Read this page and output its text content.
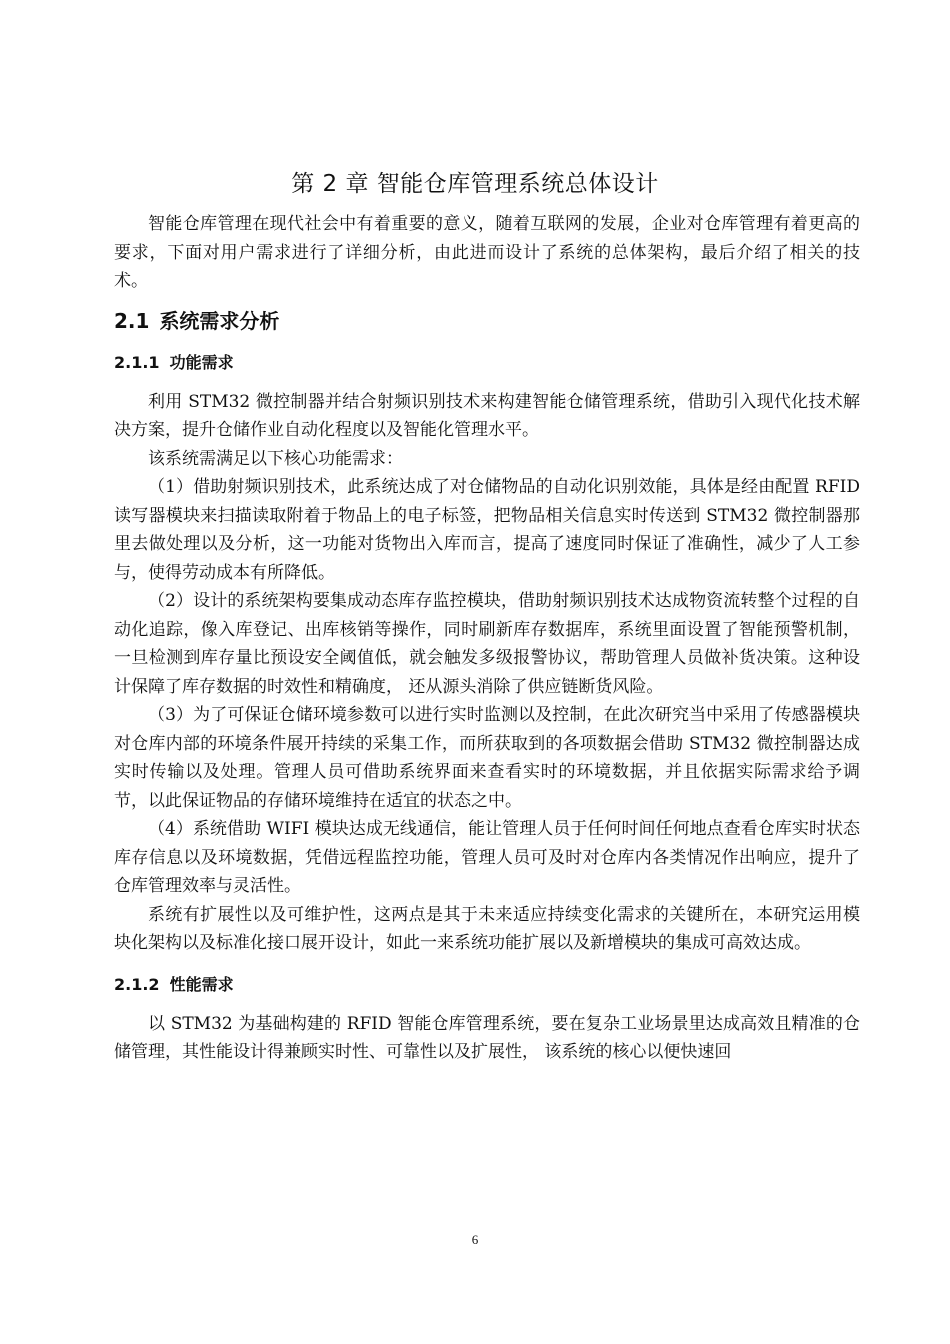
第 2 章 智能仓库管理系统总体设计

智能仓库管理在现代社会中有着重要的意义，随着互联网的发展，企业对仓库管理有着更高的要求，下面对用户需求进行了详细分析，由此进而设计了系统的总体架构，最后介绍了相关的技术。

2.1 系统需求分析
2.1.1 功能需求

利用 STM32 微控制器并结合射频识别技术来构建智能仓储管理系统，借助引入现代化技术解决方案，提升仓储作业自动化程度以及智能化管理水平。

该系统需满足以下核心功能需求：

（1）借助射频识别技术，此系统达成了对仓储物品的自动化识别效能，具体是经由配置 RFID 读写器模块来扫描读取附着于物品上的电子标签，把物品相关信息实时传送到 STM32 微控制器那里去做处理以及分析，这一功能对货物出入库而言，提高了速度同时保证了准确性，减少了人工参与，使得劳动成本有所降低。

（2）设计的系统架构要集成动态库存监控模块，借助射频识别技术达成物资流转整个过程的自动化追踪，像入库登记、出库核销等操作，同时刷新库存数据库，系统里面设置了智能预警机制，一旦检测到库存量比预设安全阈值低，就会触发多级报警协议，帮助管理人员做补货决策。这种设计保障了库存数据的时效性和精确度， 还从源头消除了供应链断货风险。

（3）为了可保证仓储环境参数可以进行实时监测以及控制，在此次研究当中采用了传感器模块对仓库内部的环境条件展开持续的采集工作，而所获取到的各项数据会借助 STM32 微控制器达成实时传输以及处理。管理人员可借助系统界面来查看实时的环境数据，并且依据实际需求给予调节，以此保证物品的存储环境维持在适宜的状态之中。

（4）系统借助 WIFI 模块达成无线通信，能让管理人员于任何时间任何地点查看仓库实时状态库存信息以及环境数据，凭借远程监控功能，管理人员可及时对仓库内各类情况作出响应，提升了仓库管理效率与灵活性。

系统有扩展性以及可维护性，这两点是其于未来适应持续变化需求的关键所在，本研究运用模块化架构以及标准化接口展开设计，如此一来系统功能扩展以及新增模块的集成可高效达成。

2.1.2 性能需求

以 STM32 为基础构建的 RFID 智能仓库管理系统，要在复杂工业场景里达成高效且精准的仓储管理，其性能设计得兼顾实时性、可靠性以及扩展性， 该系统的核心以便快速回

6
